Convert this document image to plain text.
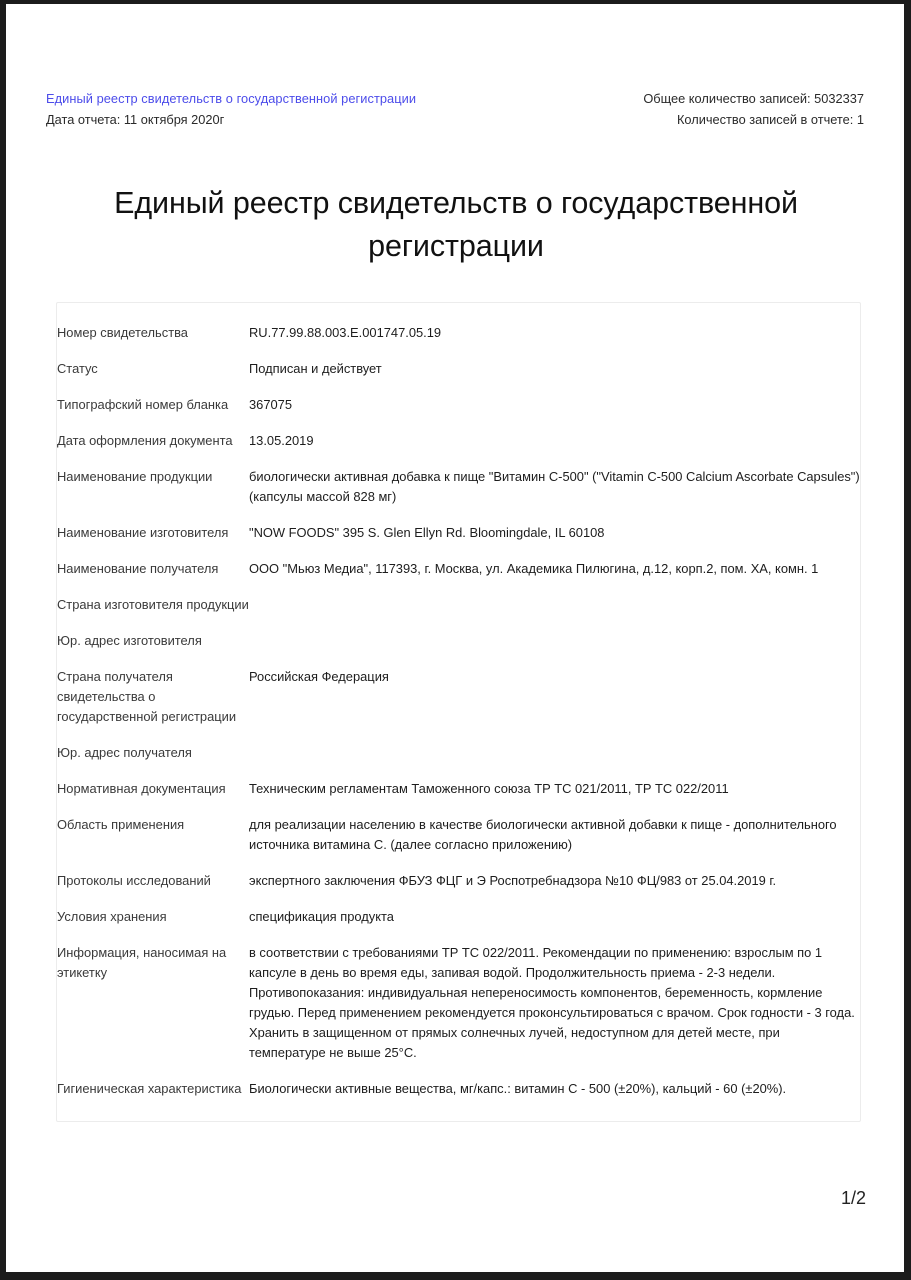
Единый реестр свидетельств о государственной регистрации
Дата отчета: 11 октября 2020г
Общее количество записей: 5032337
Количество записей в отчете: 1
Единый реестр свидетельств о государственной регистрации
Номер свидетельства	RU.77.99.88.003.Е.001747.05.19
Статус	Подписан и действует
Типографский номер бланка	367075
Дата оформления документа	13.05.2019
Наименование продукции	биологически активная добавка к пище "Витамин С-500" ("Vitamin C-500 Calcium Ascorbate Capsules") (капсулы массой 828 мг)
Наименование изготовителя	"NOW FOODS" 395 S. Glen Ellyn Rd. Bloomingdale, IL 60108
Наименование получателя	ООО "Мьюз Медиа", 117393, г. Москва, ул. Академика Пилюгина, д.12, корп.2, пом. ХА, комн. 1
Страна изготовителя продукции	
Юр. адрес изготовителя	
Страна получателя свидетельства о государственной регистрации	Российская Федерация
Юр. адрес получателя	
Нормативная документация	Техническим регламентам Таможенного союза ТР ТС 021/2011, ТР ТС 022/2011
Область применения	для реализации населению в качестве биологически активной добавки к пище - дополнительного источника витамина С. (далее согласно приложению)
Протоколы исследований	экспертного заключения ФБУЗ ФЦГ и Э Роспотребнадзора №10 ФЦ/983 от 25.04.2019 г.
Условия хранения	спецификация продукта
Информация, наносимая на этикетку	в соответствии с требованиями ТР ТС 022/2011. Рекомендации по применению: взрослым по 1 капсуле в день во время еды, запивая водой. Продолжительность приема - 2-3 недели. Противопоказания: индивидуальная непереносимость компонентов, беременность, кормление грудью. Перед применением рекомендуется проконсультироваться с врачом. Срок годности - 3 года. Хранить в защищенном от прямых солнечных лучей, недоступном для детей месте, при температуре не выше 25°С.
Гигиеническая характеристика	Биологически активные вещества, мг/капс.: витамин С - 500 (±20%), кальций - 60 (±20%).
1/2
